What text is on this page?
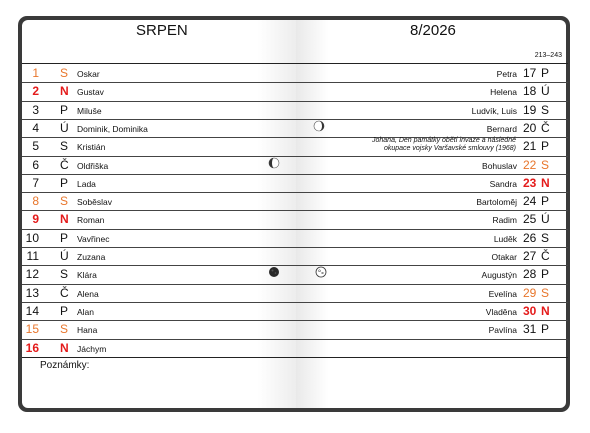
SRPEN	8/2026
213–243
1 S Oskar
2 N Gustav
3 P Miluše
4 Ú Dominik, Dominika
5 S Kristián
6 Č Oldřiška
7 P Lada
8 S Soběslav
9 N Roman
10 P Vavřinec
11 Ú Zuzana
12 S Klára
13 Č Alena
14 P Alan
15 S Hana
16 N Jáchym
Petra 17 P
Helena 18 Ú
Ludvík, Luis 19 S
Bernard 20 Č
Johana, Den památky obětí invaze a následné okupace vojsky Varšavské smlouvy (1968) 21 P
Bohuslav 22 S
Sandra 23 N
Bartoloměj 24 P
Radim 25 Ú
Luděk 26 S
Otakar 27 Č
Augustýn 28 P
Evelína 29 S
Vladěna 30 N
Pavlína 31 P
Poznámky:
